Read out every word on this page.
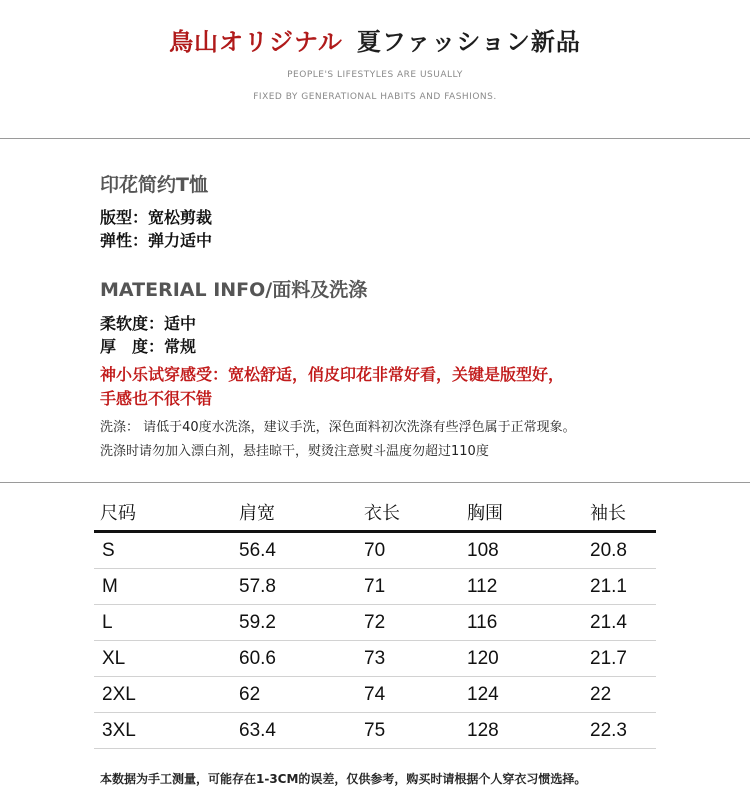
鳥山オリジナル 夏ファッション新品
PEOPLE'S LIFESTYLES ARE USUALLY
FIXED BY GENERATIONAL HABITS AND FASHIONS.
印花简约T恤
版型：宽松剪裁
弹性：弹力适中
MATERIAL INFO/面料及洗涤
柔软度：适中
厚　度：常规
神小乐试穿感受：宽松舒适，俏皮印花非常好看，关键是版型好，
手感也不很不错
洗涤： 请低于40度水洗涤，建议手洗，深色面料初次洗涤有些浮色属于正常现象。
洗涤时请勿加入漂白剂，悬挂晾干，熨烫注意熨斗温度勿超过110度
尺码	肩宽	衣长	胸围	袖长
S	56.4	70	108	20.8
M	57.8	71	112	21.1
L	59.2	72	116	21.4
XL	60.6	73	120	21.7
2XL	62	74	124	22
3XL	63.4	75	128	22.3
本数据为手工测量，可能存在1-3CM的误差，仅供参考，购买时请根据个人穿衣习惯选择。
